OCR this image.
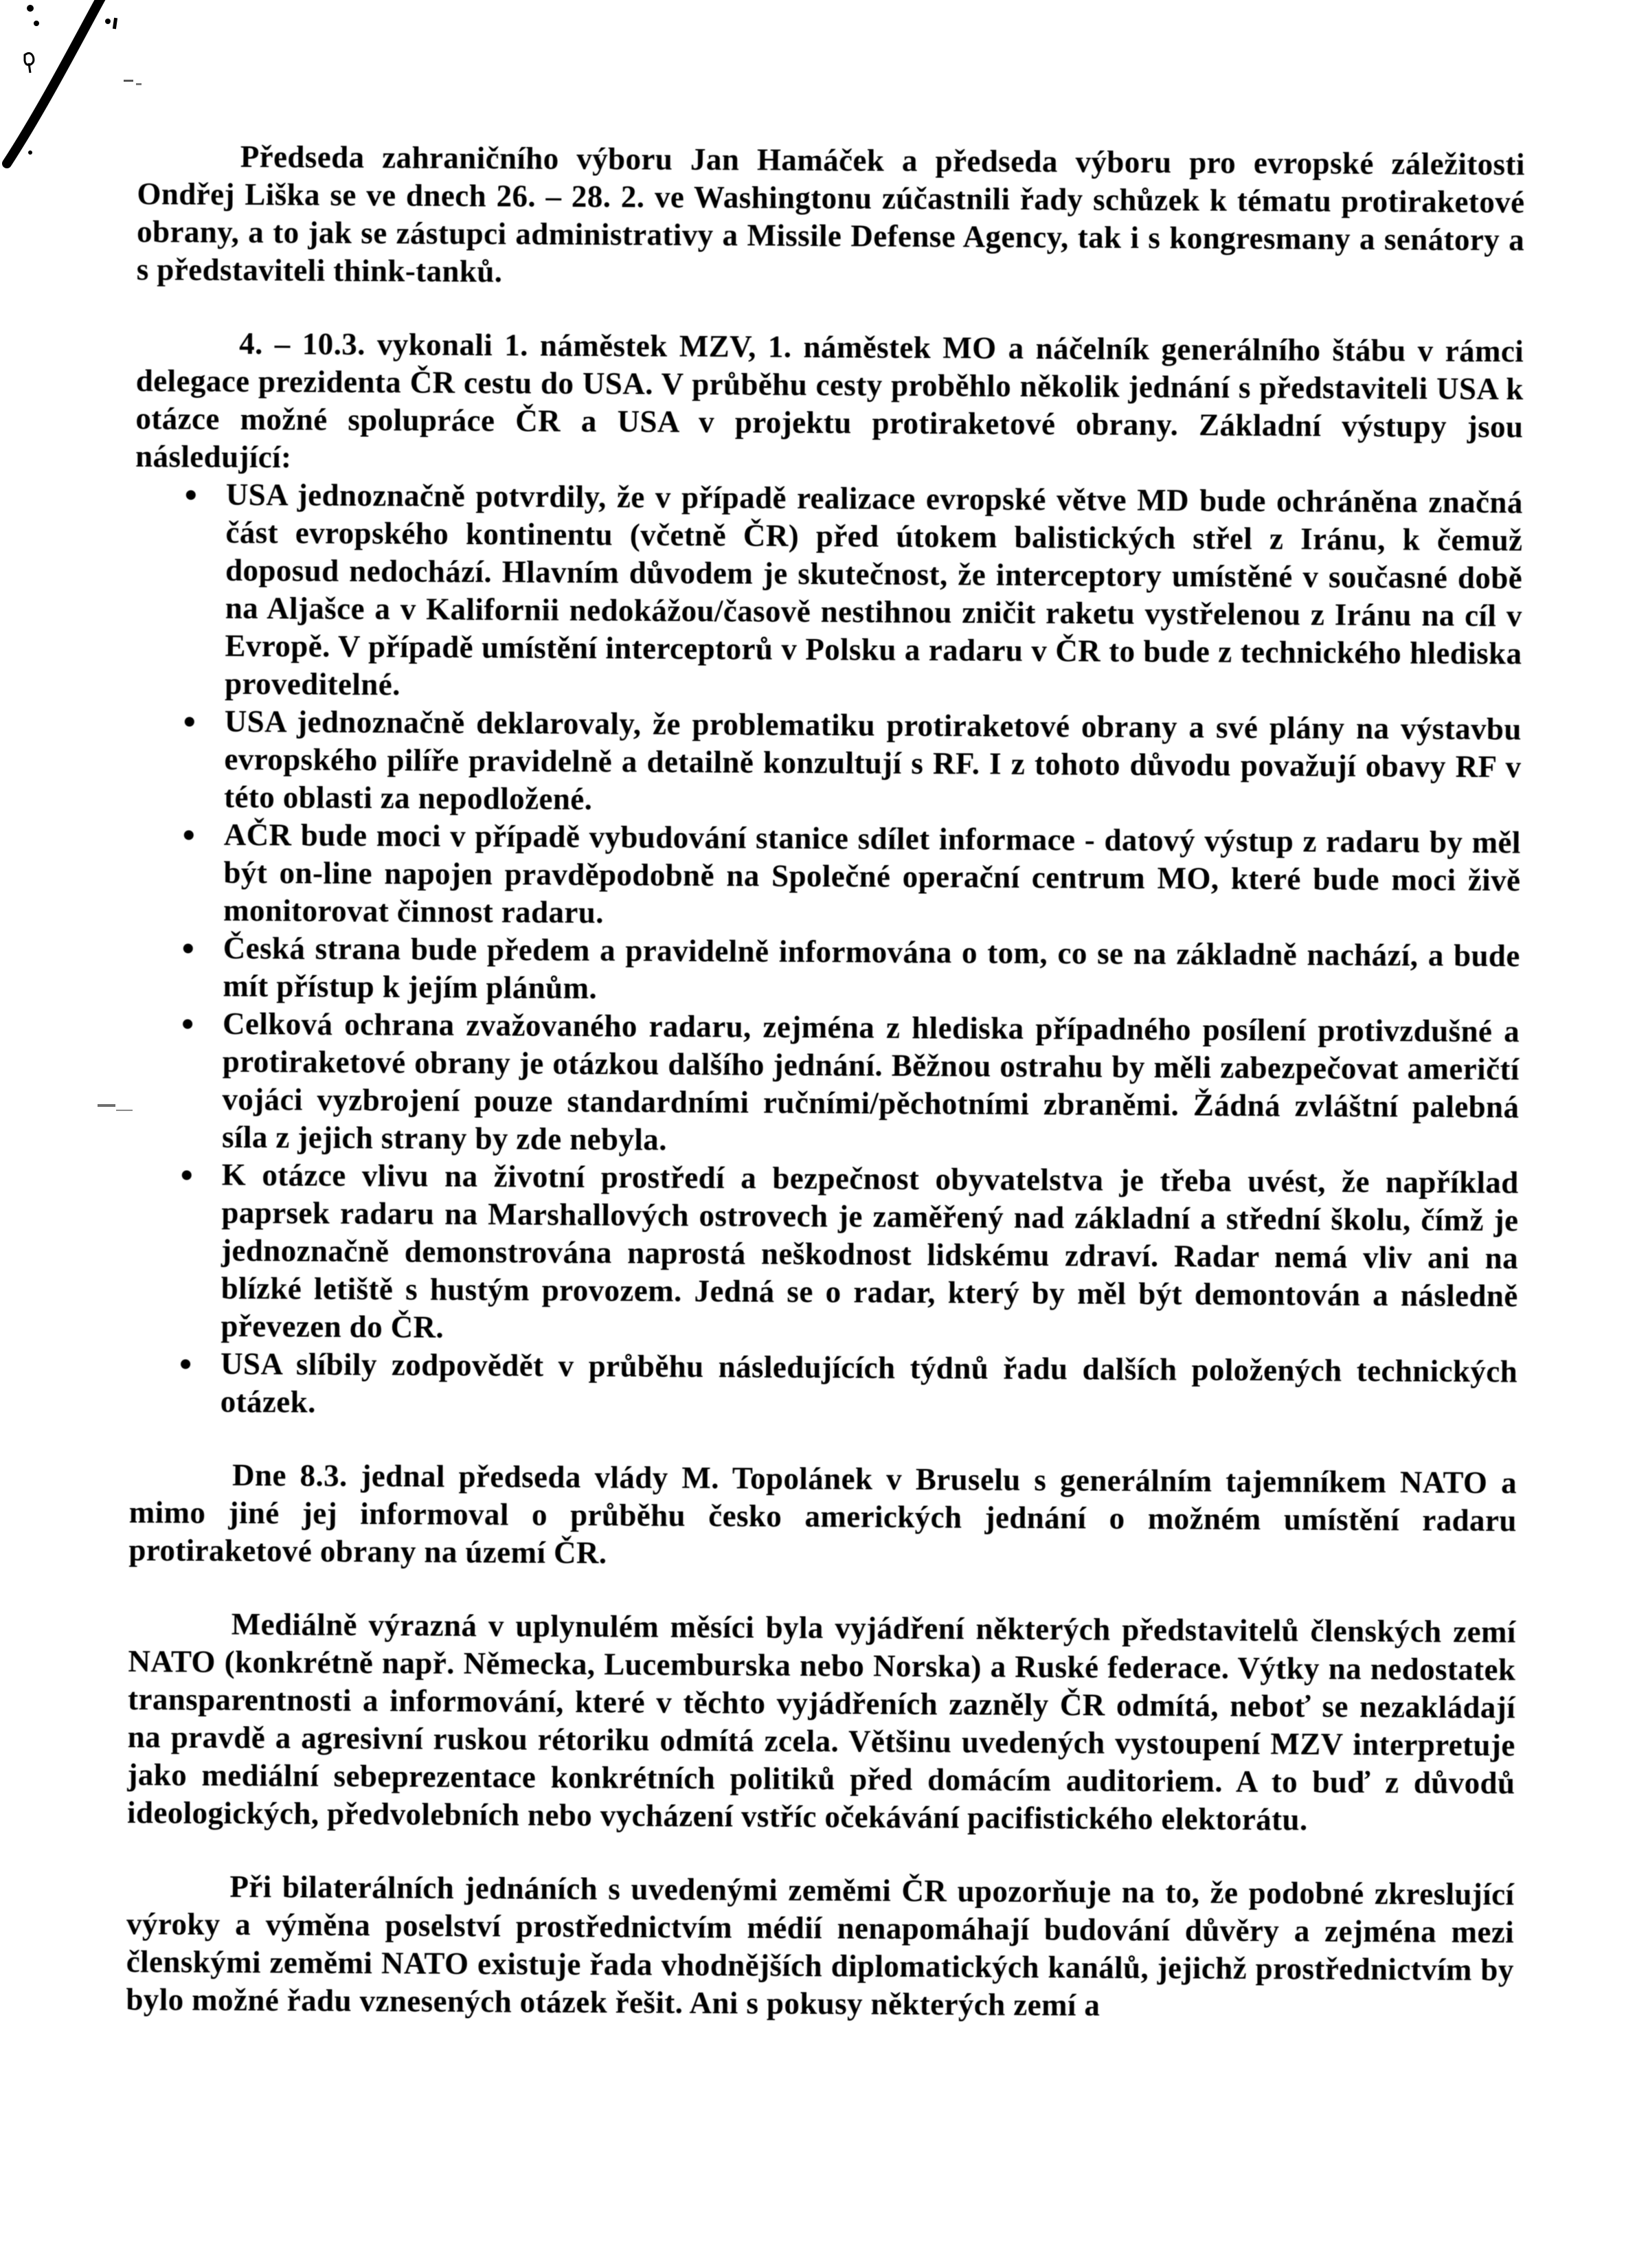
Předseda zahraničního výboru Jan Hamáček a předseda výboru pro evropské záležitosti Ondřej Liška se ve dnech 26. – 28. 2. ve Washingtonu zúčastnili řady schůzek k tématu protiraketové obrany, a to jak se zástupci administrativy a Missile Defense Agency, tak i s kongresmany a senátory a s představiteli think-tanků.

4. – 10.3. vykonali 1. náměstek MZV, 1. náměstek MO a náčelník generálního štábu v rámci delegace prezidenta ČR cestu do USA. V průběhu cesty proběhlo několik jednání s představiteli USA k otázce možné spolupráce ČR a USA v projektu protiraketové obrany. Základní výstupy jsou následující:

USA jednoznačně potvrdily, že v případě realizace evropské větve MD bude ochráněna značná část evropského kontinentu (včetně ČR) před útokem balistických střel z Iránu, k čemuž doposud nedochází. Hlavním důvodem je skutečnost, že interceptory umístěné v současné době na Aljašce a v Kalifornii nedokážou/časově nestihnou zničit raketu vystřelenou z Iránu na cíl v Evropě. V případě umístění interceptorů v Polsku a radaru v ČR to bude z technického hlediska proveditelné.
USA jednoznačně deklarovaly, že problematiku protiraketové obrany a své plány na výstavbu evropského pilíře pravidelně a detailně konzultují s RF. I z tohoto důvodu považují obavy RF v této oblasti za nepodložené.
AČR bude moci v případě vybudování stanice sdílet informace - datový výstup z radaru by měl být on-line napojen pravděpodobně na Společné operační centrum MO, které bude moci živě monitorovat činnost radaru.
Česká strana bude předem a pravidelně informována o tom, co se na základně nachází, a bude mít přístup k jejím plánům.
Celková ochrana zvažovaného radaru, zejména z hlediska případného posílení protivzdušné a protiraketové obrany je otázkou dalšího jednání. Běžnou ostrahu by měli zabezpečovat američtí vojáci vyzbrojení pouze standardními ručními/pěchotními zbraněmi. Žádná zvláštní palebná síla z jejich strany by zde nebyla.
K otázce vlivu na životní prostředí a bezpečnost obyvatelstva je třeba uvést, že například paprsek radaru na Marshallových ostrovech je zaměřený nad základní a střední školu, čímž je jednoznačně demonstrována naprostá neškodnost lidskému zdraví. Radar nemá vliv ani na blízké letiště s hustým provozem. Jedná se o radar, který by měl být demontován a následně převezen do ČR.
USA slíbily zodpovědět v průběhu následujících týdnů řadu dalších položených technických otázek.

Dne 8.3. jednal předseda vlády M. Topolánek v Bruselu s generálním tajemníkem NATO a mimo jiné jej informoval o průběhu česko amerických jednání o možném umístění radaru protiraketové obrany na území ČR.

Mediálně výrazná v uplynulém měsíci byla vyjádření některých představitelů členských zemí NATO (konkrétně např. Německa, Lucemburska nebo Norska) a Ruské federace. Výtky na nedostatek transparentnosti a informování, které v těchto vyjádřeních zazněly ČR odmítá, neboť se nezakládají na pravdě a agresivní ruskou rétoriku odmítá zcela. Většinu uvedených vystoupení MZV interpretuje jako mediální sebeprezentace konkrétních politiků před domácím auditoriem. A to buď z důvodů ideologických, předvolebních nebo vycházení vstříc očekávání pacifistického elektorátu.

Při bilaterálních jednáních s uvedenými zeměmi ČR upozorňuje na to, že podobné zkreslující výroky a výměna poselství prostřednictvím médií nenapomáhají budování důvěry a zejména mezi členskými zeměmi NATO existuje řada vhodnějších diplomatických kanálů, jejichž prostřednictvím by bylo možné řadu vznesených otázek řešit. Ani s pokusy některých zemí a
